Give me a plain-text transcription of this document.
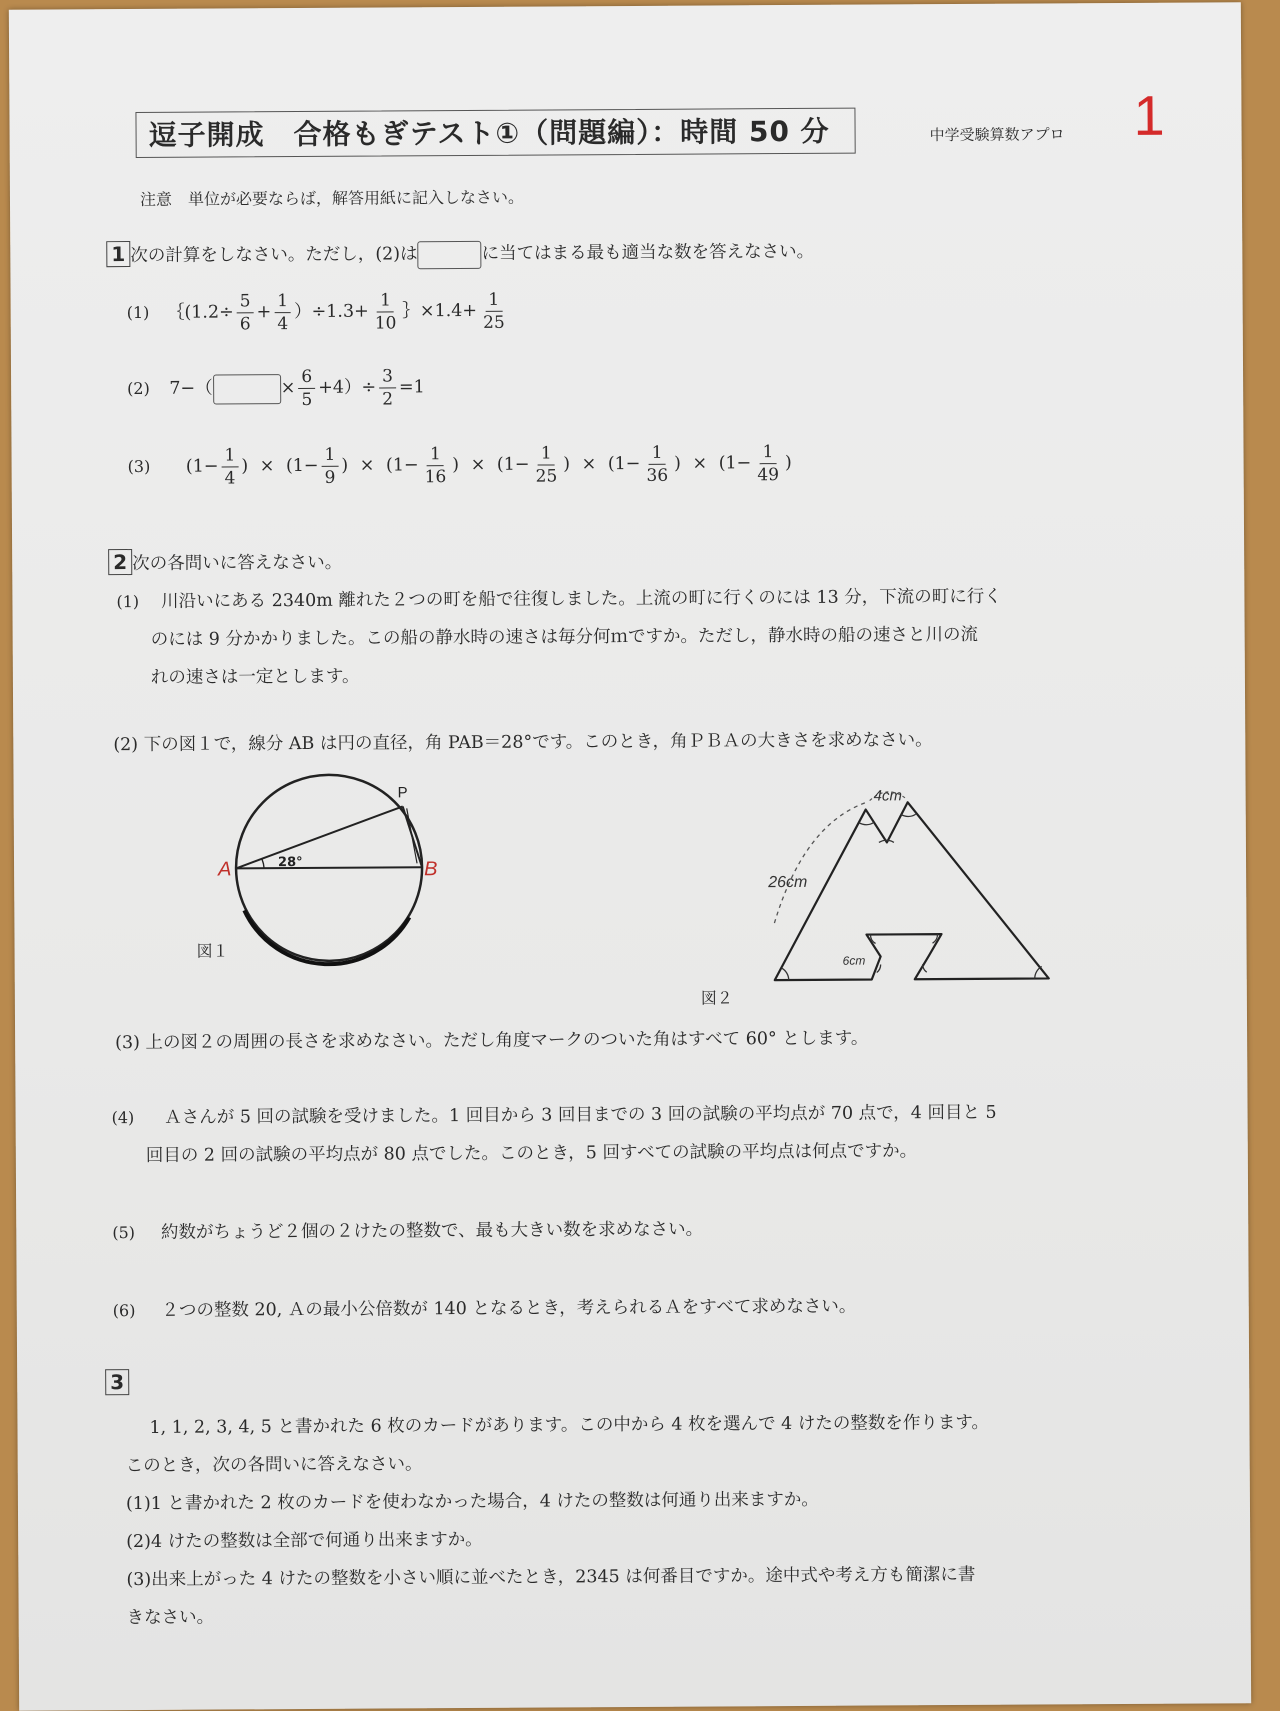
逗子開成　合格もぎテスト①（問題編）：時間 50 分	中学受験算数アプロ 1
注意　単位が必要ならば，解答用紙に記入しなさい。
1 次の計算をしなさい。ただし，(2)は	に当てはまる最も適当な数を答えなさい。
(1) ｛(1.2÷ $\frac{5}{6} + \frac{1}{4} )\div 1.3+ \frac{1}{10}$ ｝×1.4+ $\frac{1}{25}$
(2) 7−（	× $\frac{6}{5} +4)\div \frac{3}{2} =1$
(3) ($1- \frac{1}{4}$ ) × ($1- \frac{1}{9}$ ) × ($1- \frac{1}{16}$ ) × ($1- \frac{1}{25}$ ) × ($1- \frac{1}{36}$ ) × ($1- \frac{1}{49}$ )
2 次の各問いに答えなさい。
(1) 川沿いにある 2340m 離れた２つの町を船で往復しました。上流の町に行くのには 13 分，下流の町に行く
のには 9 分かかりました。この船の静水時の速さは毎分何ｍですか。ただし，静水時の船の速さと川の流
れの速さは一定とします。
(2) 下の図１で，線分 AB は円の直径，角 PAB＝28°です。このとき，角ＰＢＡの大きさを求めなさい。
28°
A	B
P
図１
4cm
26cm
6cm
図２
(3) 上の図２の周囲の長さを求めなさい。ただし角度マークのついた角はすべて 60° とします。
(4) Ａさんが 5 回の試験を受けました。1 回目から 3 回目までの 3 回の試験の平均点が 70 点で，4 回目と 5
回目の 2 回の試験の平均点が 80 点でした。このとき，5 回すべての試験の平均点は何点ですか。
(5) 約数がちょうど２個の２けたの整数で、最も大きい数を求めなさい。
(6) ２つの整数 20, Ａの最小公倍数が 140 となるとき，考えられるＡをすべて求めなさい。
3
1, 1, 2, 3, 4, 5 と書かれた 6 枚のカードがあります。この中から 4 枚を選んで 4 けたの整数を作ります。
このとき，次の各問いに答えなさい。
(1)1 と書かれた 2 枚のカードを使わなかった場合，4 けたの整数は何通り出来ますか。
(2)4 けたの整数は全部で何通り出来ますか。
(3)出来上がった 4 けたの整数を小さい順に並べたとき，2345 は何番目ですか。途中式や考え方も簡潔に書
きなさい。
